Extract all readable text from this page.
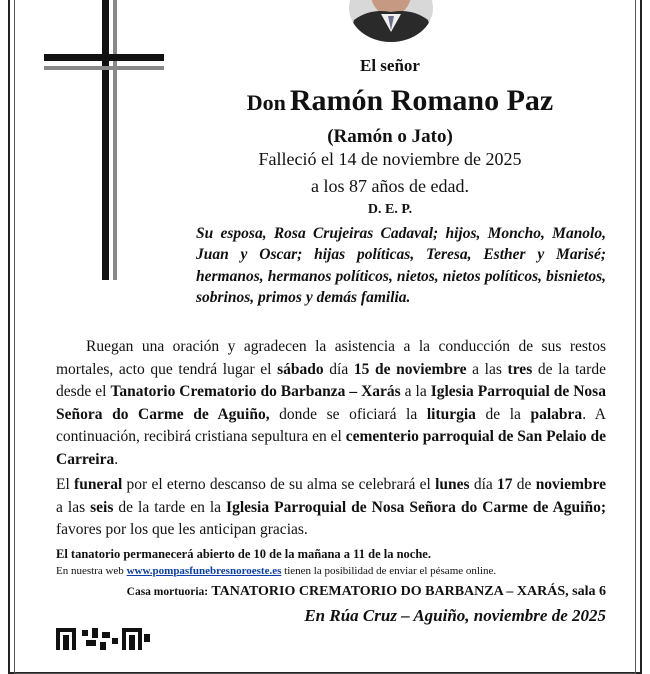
El señor

Don Ramón Romano Paz

(Ramón o Jato)

Falleció el 14 de noviembre de 2025

a los 87 años de edad.

D. E. P.

Su esposa, Rosa Crujeiras Cadaval; hijos, Moncho, Manolo, Juan y Oscar; hijas políticas, Teresa, Esther y Marisé; hermanos, hermanos políticos, nietos, nietos políticos, bisnietos, sobrinos, primos y demás familia.

Ruegan una oración y agradecen la asistencia a la conducción de sus restos mortales, acto que tendrá lugar el sábado día 15 de noviembre a las tres de la tarde desde el Tanatorio Crematorio do Barbanza – Xarás a la Iglesia Parroquial de Nosa Señora do Carme de Aguiño, donde se oficiará la liturgia de la palabra. A continuación, recibirá cristiana sepultura en el cementerio parroquial de San Pelaio de Carreira.

El funeral por el eterno descanso de su alma se celebrará el lunes día 17 de noviembre a las seis de la tarde en la Iglesia Parroquial de Nosa Señora do Carme de Aguiño; favores por los que les anticipan gracias.

El tanatorio permanecerá abierto de 10 de la mañana a 11 de la noche.

En nuestra web www.pompasfunebresnoroeste.es tienen la posibilidad de enviar el pésame online.

Casa mortuoria: TANATORIO CREMATORIO DO BARBANZA – XARÁS, sala 6

En Rúa Cruz – Aguiño, noviembre de 2025
